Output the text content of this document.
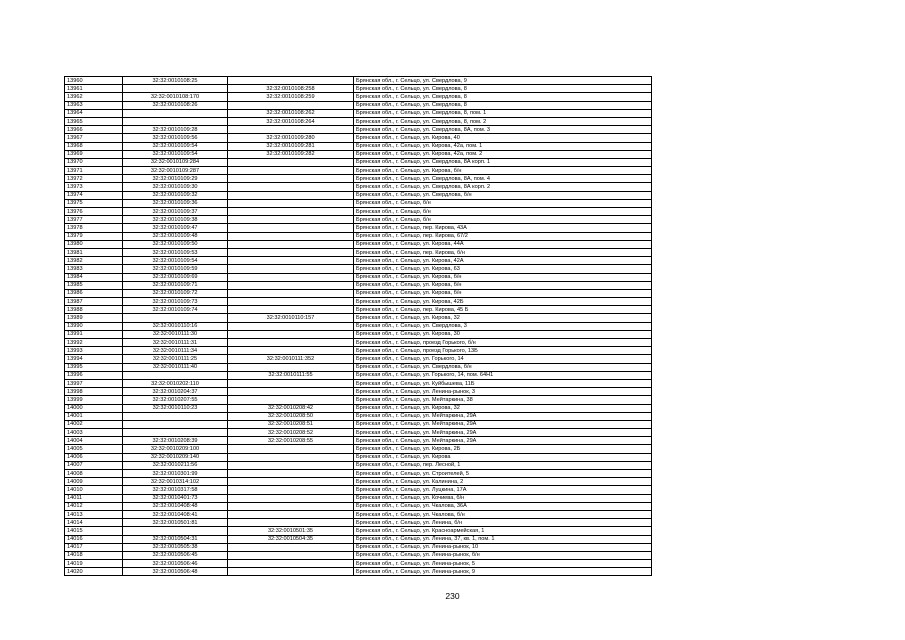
13960	32:32:0010108:25		Брянская обл., г. Сельцо, ул. Свердлова, 9
13961		32:32:0010108:258	Брянская обл., г. Сельцо, ул. Свердлова, 8
13962	32:32:0010108:170	32:32:0010108:259	Брянская обл., г. Сельцо, ул. Свердлова, 8
13963	32:32:0010108:26		Брянская обл., г. Сельцо, ул. Свердлова, 8
13964		32:32:0010108:262	Брянская обл., г. Сельцо, ул. Свердлова, 8, пом. 1
13965		32:32:0010108:264	Брянская обл., г. Сельцо, ул. Свердлова, 8, пом. 2
13966	32:32:0010109:28		Брянская обл., г. Сельцо, ул. Свердлова, 8А, пом. 3
13967	32:32:0010109:56	32:32:0010109:280	Брянская обл., г. Сельцо, ул. Кирова, 40
13968	32:32:0010109:54	32:32:0010109:281	Брянская обл., г. Сельцо, ул. Кирова, 42а, пом. 1
13969	32:32:0010109:54	32:32:0010109:282	Брянская обл., г. Сельцо, ул. Кирова, 42а, пом. 2
13970	32:32:0010109:284		Брянская обл., г. Сельцо, ул. Свердлова, 8А корп. 1
13971	32:32:0010109:287		Брянская обл., г. Сельцо, ул. Кирова, б/н
13972	32:32:0010109:29		Брянская обл., г. Сельцо, ул. Свердлова, 8А, пом. 4
13973	32:32:0010109:30		Брянская обл., г. Сельцо, ул. Свердлова, 8А корп. 2
13974	32:32:0010109:32		Брянская обл., г. Сельцо, ул. Свердлова, б/н
13975	32:32:0010109:36		Брянская обл., г. Сельцо, б/н
13976	32:32:0010109:37		Брянская обл., г. Сельцо, б/н
13977	32:32:0010109:38		Брянская обл., г. Сельцо, б/н
13978	32:32:0010109:47		Брянская обл., г. Сельцо, пер. Кирова, 43А
13979	32:32:0010109:48		Брянская обл., г. Сельцо, пер. Кирова, 67/2
13980	32:32:0010109:50		Брянская обл., г. Сельцо, ул. Кирова, 44А
13981	32:32:0010109:53		Брянская обл., г. Сельцо, пер. Кирова, б/н
13982	32:32:0010109:54		Брянская обл., г. Сельцо, ул. Кирова, 42А
13983	32:32:0010109:59		Брянская обл., г. Сельцо, ул. Кирова, 63
13984	32:32:0010109:69		Брянская обл., г. Сельцо, ул. Кирова, б/н
13985	32:32:0010109:71		Брянская обл., г. Сельцо, ул. Кирова, б/н
13986	32:32:0010109:72		Брянская обл., г. Сельцо, ул. Кирова, б/н
13987	32:32:0010109:73		Брянская обл., г. Сельцо, ул. Кирова, 42Б
13988	32:32:0010109:74		Брянская обл., г. Сельцо, пер. Кирова, 45 Б
13989		32:32:0010110:157	Брянская обл., г. Сельцо, ул. Кирова, 32
13990	32:32:0010110:16		Брянская обл., г. Сельцо, ул. Свердлова, 3
13991	32:32:0010111:30		Брянская обл., г. Сельцо, ул. Кирова, 30
13992	32:32:0010111:31		Брянская обл., г. Сельцо, проезд Горького, б/н
13993	32:32:0010111:34		Брянская обл., г. Сельцо, проезд Горького, 13Б
13994	32:32:0010111:25	32:32:0010111:352	Брянская обл., г. Сельцо, ул. Горького, 14
13995	32:32:0010111:40		Брянская обл., г. Сельцо, ул. Свердлова, б/н
13996		32:32:0010111:55	Брянская обл., г. Сельцо, ул. Горького, 14, пом. 64Н1
13997	32:32:0010202:110		Брянская обл., г. Сельцо, ул. Куйбышева, 11Б
13998	32:32:0010204:37		Брянская обл., г. Сельцо, ул. Ленина-рынок, 3
13999	32:32:0010207:55		Брянская обл., г. Сельцо, ул. Мейтаркина, 38
14000	32:32:0010110:23	32:32:0010208:42	Брянская обл., г. Сельцо, ул. Кирова, 32
14001		32:32:0010208:50	Брянская обл., г. Сельцо, ул. Мейтаркина, 29А
14002		32:32:0010208:51	Брянская обл., г. Сельцо, ул. Мейтаркина, 29А
14003		32:32:0010208:52	Брянская обл., г. Сельцо, ул. Мейтаркина, 29А
14004	32:32:0010208:39	32:32:0010208:55	Брянская обл., г. Сельцо, ул. Мейтаркина, 29А
14005	32:32:0010209:100		Брянская обл., г. Сельцо, ул. Кирова, 2Б
14006	32:32:0010209:140		Брянская обл., г. Сельцо, ул. Кирова
14007	32:32:0010211:56		Брянская обл., г. Сельцо, пер. Лесной, 1
14008	32:32:0010301:99		Брянская обл., г. Сельцо, ул. Строителей, 5
14009	32:32:0010314:102		Брянская обл., г. Сельцо, ул. Калинина, 2
14010	32:32:0010317:58		Брянская обл., г. Сельцо, ул. Луцкина, 17А
14011	32:32:0010401:73		Брянская обл., г. Сельцо, ул. Кочиева, б/н
14012	32:32:0010408:48		Брянская обл., г. Сельцо, ул. Чкалова, 36А
14013	32:32:0010408:41		Брянская обл., г. Сельцо, ул. Чкалова, б/н
14014	32:32:0010501:81		Брянская обл., г. Сельцо, ул. Ленина, б/н
14015		32:32:0010501:35	Брянская обл., г. Сельцо, ул. Красноармейская, 1
14016	32:32:0010504:31	32:32:0010504:35	Брянская обл., г. Сельцо, ул. Ленина, 37, кв. 1, пом. 1
14017	32:32:0010505:38		Брянская обл., г. Сельцо, ул. Ленина-рынок, 10
14018	32:32:0010506:45		Брянская обл., г. Сельцо, ул. Ленина-рынок, б/н
14019	32:32:0010506:46		Брянская обл., г. Сельцо, ул. Ленина-рынок, 5
14020	32:32:0010506:48		Брянская обл., г. Сельцо, ул. Ленина-рынок, 9
230
